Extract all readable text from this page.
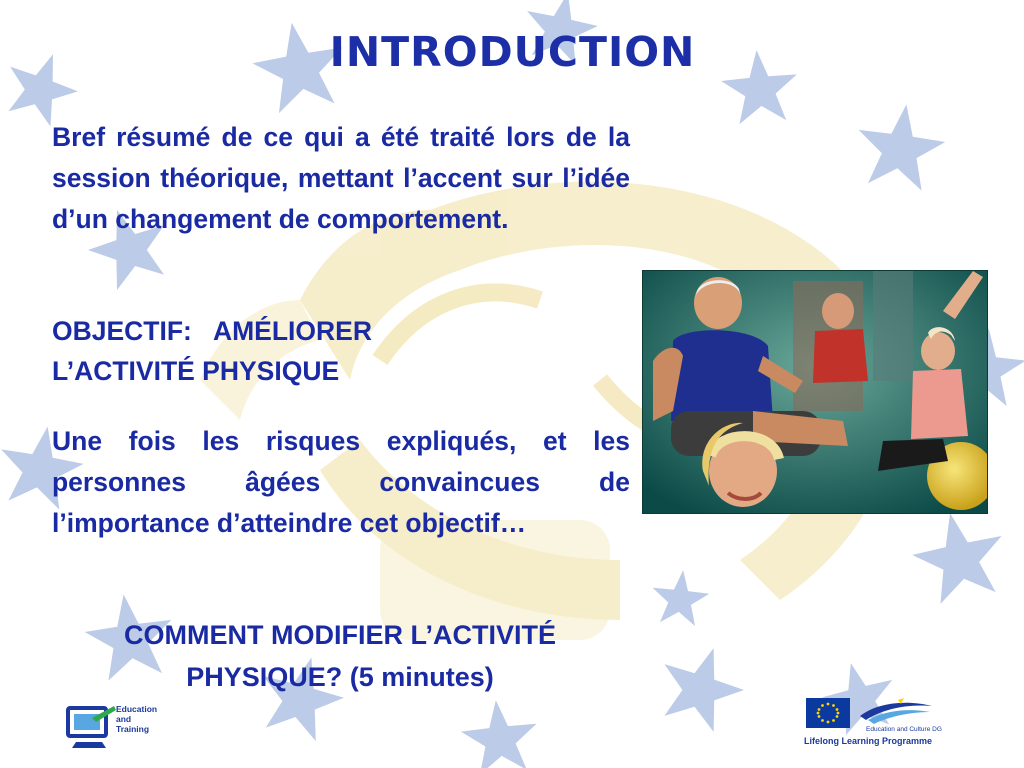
INTRODUCTION

Bref résumé de ce qui a été traité lors de la session théorique, mettant l’accent sur l’idée d’un changement de comportement.

OBJECTIF:   AMÉLIORER
L’ACTIVITÉ PHYSIQUE

Une fois les risques expliqués, et les personnes âgées convaincues de l’importance d’atteindre cet objectif…

COMMENT MODIFIER L’ACTIVITÉ
PHYSIQUE? (5 minutes)

Education
and
Training	Education and Culture DG
Lifelong Learning Programme
